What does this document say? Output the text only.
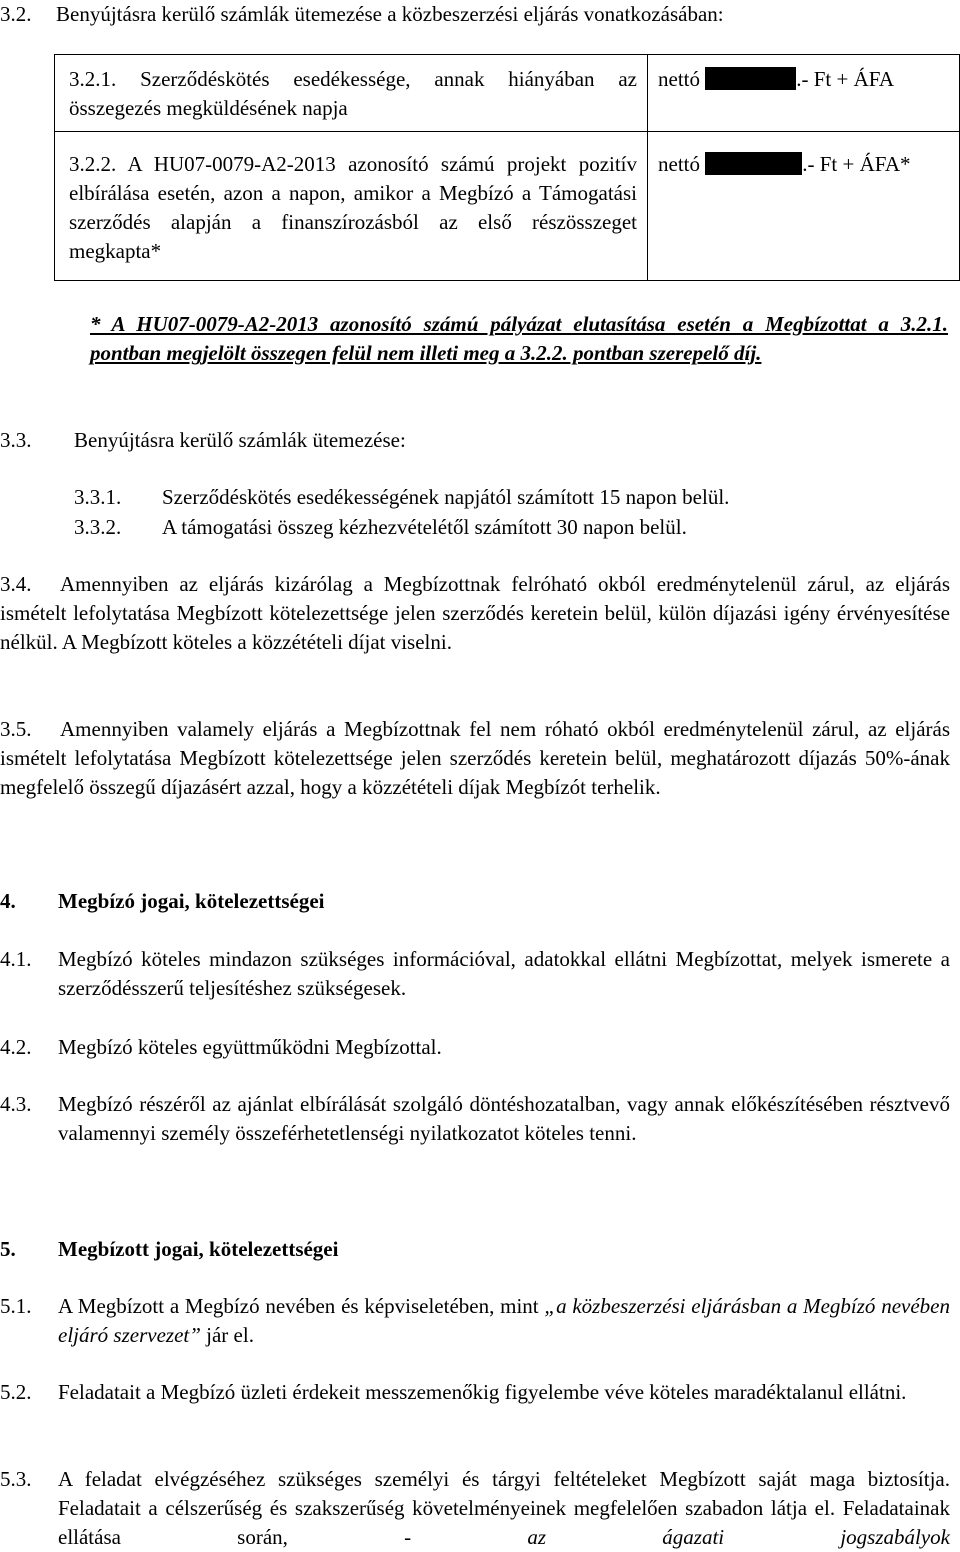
3.2. Benyújtásra kerülő számlák ütemezése a közbeszerzési eljárás vonatkozásában:
3.2.1. Szerződéskötés esedékessége, annak hiányában az összegezés megküldésének napja	nettó .- Ft + ÁFA

3.2.2. A HU07-0079-A2-2013 azonosító számú projekt pozitív elbírálása esetén, azon a napon, amikor a Megbízó a Támogatási szerződés alapján a finanszírozásból az első részösszeget megkapta*	nettó .- Ft + ÁFA*
* A HU07-0079-A2-2013 azonosító számú pályázat elutasítása esetén a Megbízottat a 3.2.1. pontban megjelölt összegen felül nem illeti meg a 3.2.2. pontban szerepelő díj.
3.3. Benyújtásra kerülő számlák ütemezése:
3.3.1. Szerződéskötés esedékességének napjától számított 15 napon belül.
3.3.2. A támogatási összeg kézhezvételétől számított 30 napon belül.
3.4.	Amennyiben az eljárás kizárólag a Megbízottnak felróható okból eredménytelenül zárul, az eljárás ismételt lefolytatása Megbízott kötelezettsége jelen szerződés keretein belül, külön díjazási igény érvényesítése nélkül. A Megbízott köteles a közzétételi díjat viselni.
3.5.	Amennyiben valamely eljárás a Megbízottnak fel nem róható okból eredménytelenül zárul, az eljárás ismételt lefolytatása Megbízott kötelezettsége jelen szerződés keretein belül, meghatározott díjazás 50%-ának megfelelő összegű díjazásért azzal, hogy a közzétételi díjak Megbízót terhelik.
4. Megbízó jogai, kötelezettségei
4.1. Megbízó köteles mindazon szükséges információval, adatokkal ellátni Megbízottat, melyek ismerete a szerződésszerű teljesítéshez szükségesek.
4.2. Megbízó köteles együttműködni Megbízottal.
4.3. Megbízó részéről az ajánlat elbírálását szolgáló döntéshozatalban, vagy annak előkészítésében résztvevő valamennyi személy összeférhetetlenségi nyilatkozatot köteles tenni.
5. Megbízott jogai, kötelezettségei
5.1. A Megbízott a Megbízó nevében és képviseletében, mint „a közbeszerzési eljárásban a Megbízó nevében eljáró szervezet” jár el.
5.2. Feladatait a Megbízó üzleti érdekeit messzemenőkig figyelembe véve köteles maradéktalanul ellátni.
5.3. A feladat elvégzéséhez szükséges személyi és tárgyi feltételeket Megbízott saját maga biztosítja. Feladatait a célszerűség és szakszerűség követelményeinek megfelelően szabadon látja el. Feladatainak ellátása során, -	az ágazati jogszabályok
